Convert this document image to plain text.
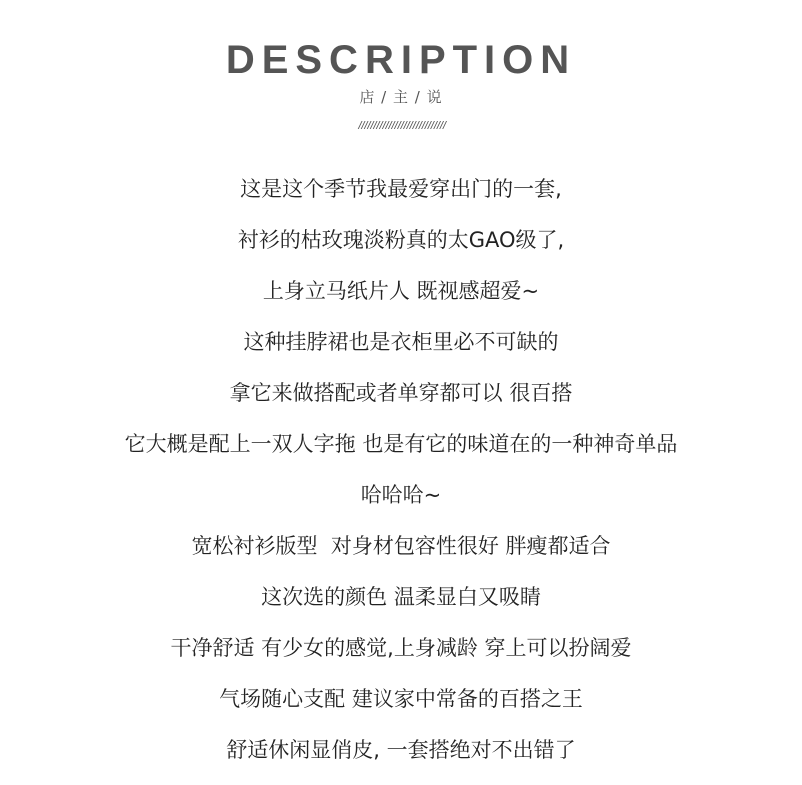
DESCRIPTION
店 / 主 / 说
/////////////////////////////
这是这个季节我最爱穿出门的一套,
衬衫的枯玫瑰淡粉真的太GAO级了,
上身立马纸片人 既视感超爱~
这种挂脖裙也是衣柜里必不可缺的
拿它来做搭配或者单穿都可以 很百搭
它大概是配上一双人字拖 也是有它的味道在的一种神奇单品
哈哈哈~
宽松衬衫版型  对身材包容性很好 胖瘦都适合
这次选的颜色 温柔显白又吸睛
干净舒适 有少女的感觉,上身减龄 穿上可以扮阔爱
气场随心支配 建议家中常备的百搭之王
舒适休闲显俏皮, 一套搭绝对不出错了
